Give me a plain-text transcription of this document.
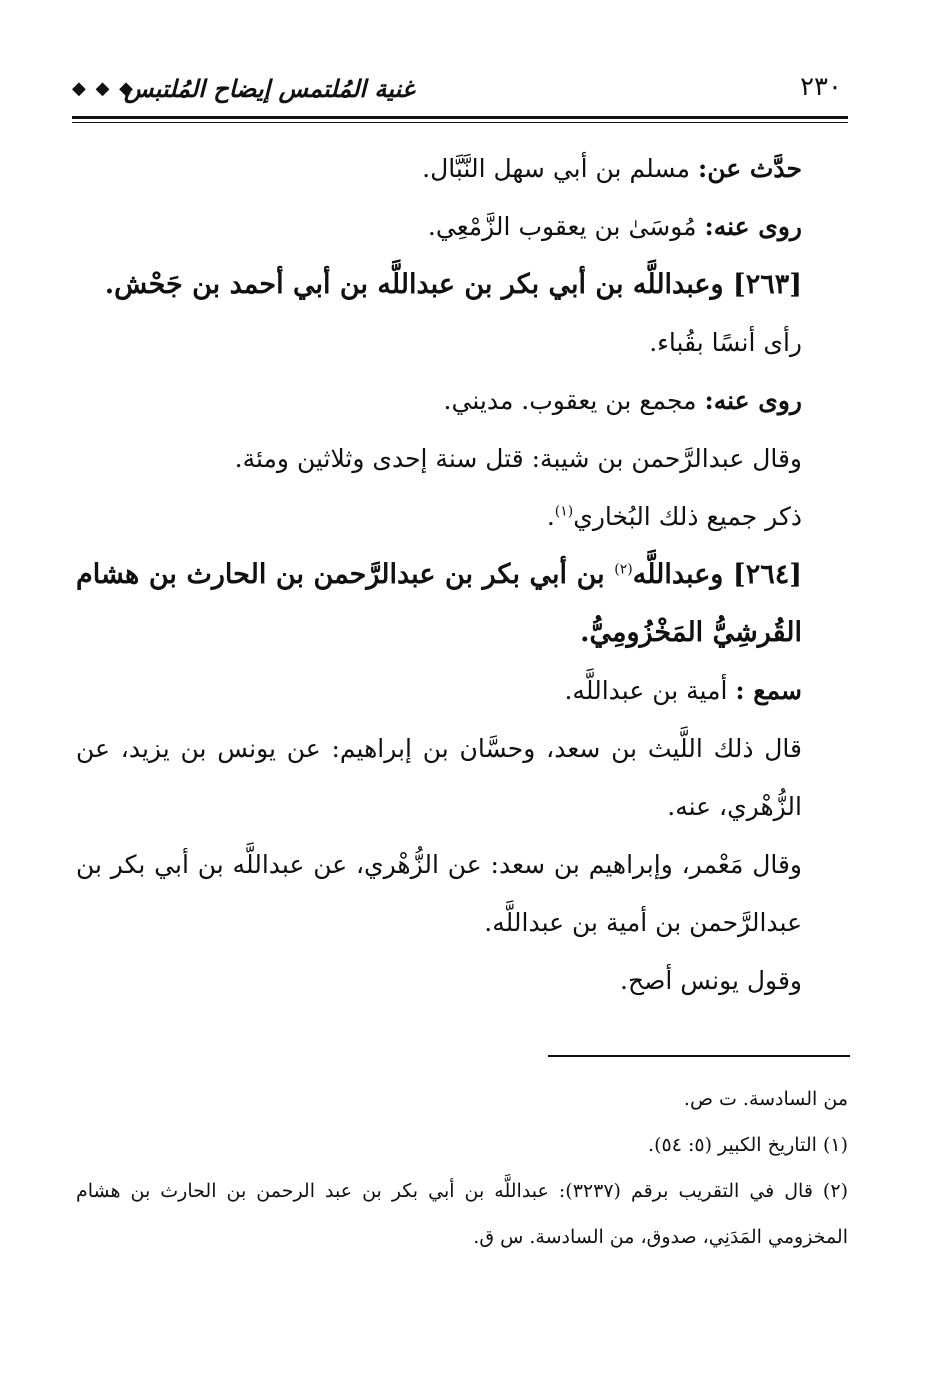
٢٣٠
غنية المُلتمس إيضاح المُلتبس
◆ ◆ ◆

حدَّث عن: مسلم بن أبي سهل النَّبَّال.

روى عنه: مُوسَىٰ بن يعقوب الزَّمْعِي.

[٢٦٣] وعبداللَّه بن أبي بكر بن عبداللَّه بن أبي أحمد بن جَحْش.

رأى أنسًا بقُباء.

روى عنه: مجمع بن يعقوب. مديني.

وقال عبدالرَّحمن بن شيبة: قتل سنة إحدى وثلاثين ومئة.

ذكر جميع ذلك البُخاري$^{(١)}$.

[٢٦٤] وعبداللَّه$^{(٢)}$ بن أبي بكر بن عبدالرَّحمن بن الحارث بن هشام القُرشِيُّ المَخْزُومِيُّ.

سمع : أمية بن عبداللَّه.

قال ذلك اللَّيث بن سعد، وحسَّان بن إبراهيم: عن يونس بن يزيد، عن الزُّهْري، عنه.

وقال مَعْمر، وإبراهيم بن سعد: عن الزُّهْري، عن عبداللَّه بن أبي بكر بن عبدالرَّحمن بن أمية بن عبداللَّه.

وقول يونس أصح.

من السادسة. ت ص.

(١) التاريخ الكبير (٥: ٥٤).

(٢) قال في التقريب برقم (٣٢٣٧): عبداللَّه بن أبي بكر بن عبد الرحمن بن الحارث بن هشام المخزومي المَدَنِي، صدوق، من السادسة. س ق.
